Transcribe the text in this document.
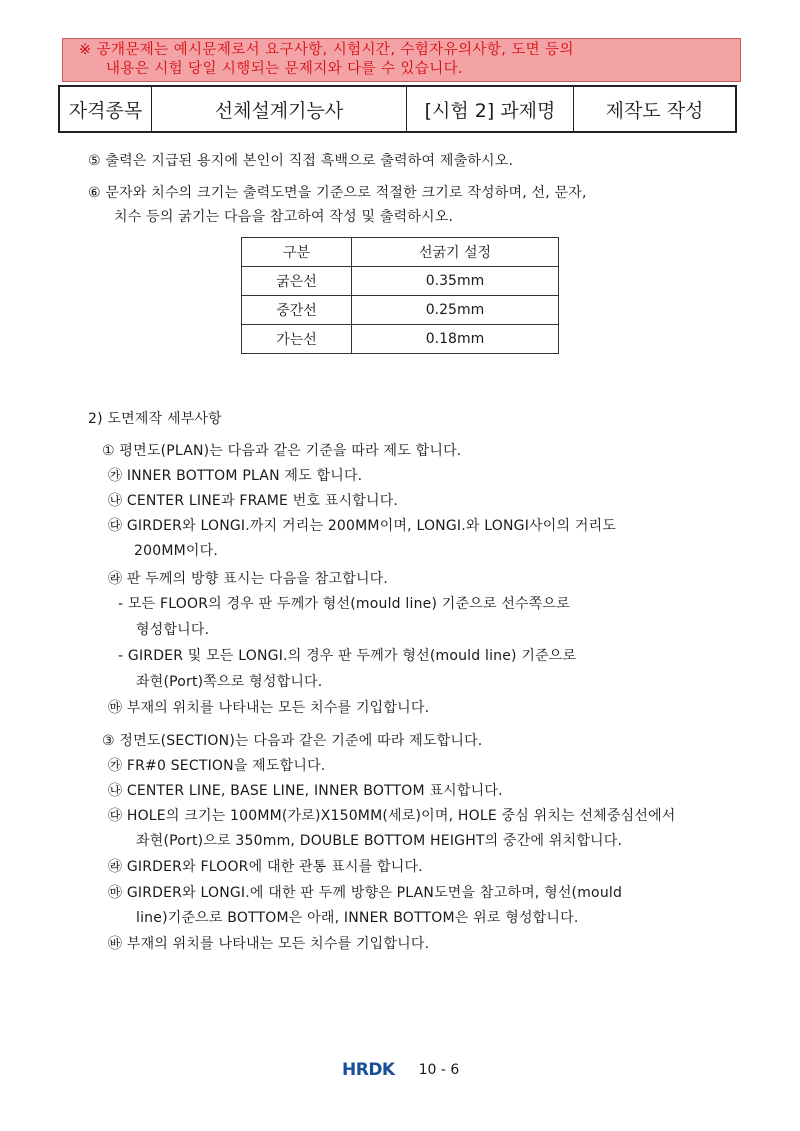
※ 공개문제는 예시문제로서 요구사항, 시험시간, 수험자유의사항, 도면 등의
내용은 시험 당일 시행되는 문제지와 다를 수 있습니다.
자격종목	선체설계기능사	[시험 2] 과제명	제작도 작성
⑤ 출력은 지급된 용지에 본인이 직접 흑백으로 출력하여 제출하시오.
⑥ 문자와 치수의 크기는 출력도면을 기준으로 적절한 크기로 작성하며, 선, 문자,
치수 등의 굵기는 다음을 참고하여 작성 및 출력하시오.
구분	선굵기 설정
굵은선	0.35mm
중간선	0.25mm
가는선	0.18mm
2) 도면제작 세부사항
① 평면도(PLAN)는 다음과 같은 기준을 따라 제도 합니다.
㉮ INNER BOTTOM PLAN 제도 합니다.
㉯ CENTER LINE과 FRAME 번호 표시합니다.
㉰ GIRDER와 LONGI.까지 거리는 200MM이며, LONGI.와 LONGI사이의 거리도
200MM이다.
㉱ 판 두께의 방향 표시는 다음을 참고합니다.
- 모든 FLOOR의 경우 판 두께가 형선(mould line) 기준으로 선수쪽으로
형성합니다.
- GIRDER 및 모든 LONGI.의 경우 판 두께가 형선(mould line) 기준으로
좌현(Port)쪽으로 형성합니다.
㉲ 부재의 위치를 나타내는 모든 치수를 기입합니다.
③ 정면도(SECTION)는 다음과 같은 기준에 따라 제도합니다.
㉮ FR#0 SECTION을 제도합니다.
㉯ CENTER LINE, BASE LINE, INNER BOTTOM 표시합니다.
㉰ HOLE의 크기는 100MM(가로)X150MM(세로)이며, HOLE 중심 위치는 선체중심선에서
좌현(Port)으로 350mm, DOUBLE BOTTOM HEIGHT의 중간에 위치합니다.
㉱ GIRDER와 FLOOR에 대한 관통 표시를 합니다.
㉲ GIRDER와 LONGI.에 대한 판 두께 방향은 PLAN도면을 참고하며, 형선(mould
line)기준으로 BOTTOM은 아래, INNER BOTTOM은 위로 형성합니다.
㉳ 부재의 위치를 나타내는 모든 치수를 기입합니다.
HRDK 10 - 6
